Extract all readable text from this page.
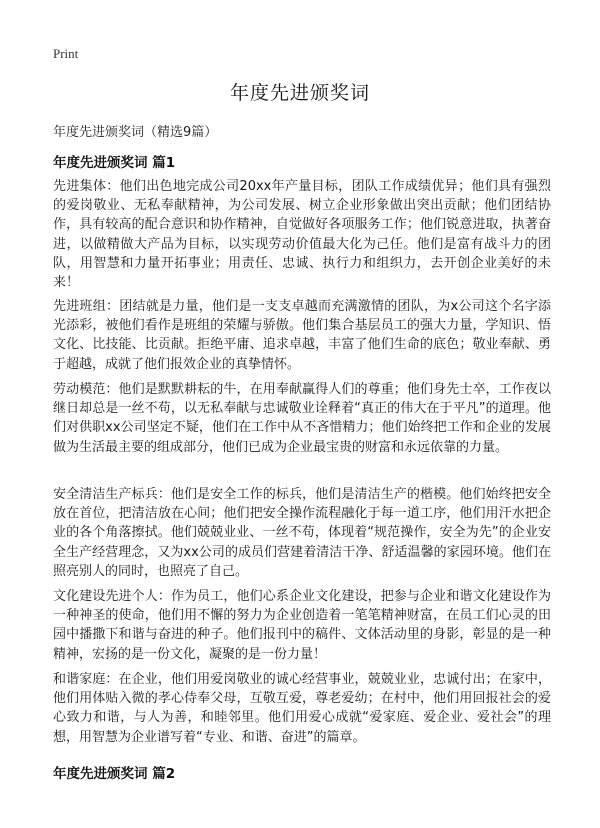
Print
年度先进颁奖词
年度先进颁奖词（精选9篇）
年度先进颁奖词 篇1

先进集体：他们出色地完成公司20xx年产量目标，团队工作成绩优异；他们具有强烈的爱岗敬业、无私奉献精神，为公司发展、树立企业形象做出突出贡献；他们团结协作，具有较高的配合意识和协作精神，自觉做好各项服务工作；他们锐意进取，执著奋进，以做精做大产品为目标，以实现劳动价值最大化为己任。他们是富有战斗力的团队，用智慧和力量开拓事业；用责任、忠诚、执行力和组织力，去开创企业美好的未来！

先进班组：团结就是力量，他们是一支支卓越而充满激情的团队，为x公司这个名字添光添彩，被他们看作是班组的荣耀与骄傲。他们集合基层员工的强大力量，学知识、悟文化、比技能、比贡献。拒绝平庸、追求卓越，丰富了他们生命的底色；敬业奉献、勇于超越，成就了他们报效企业的真挚情怀。

劳动模范：他们是默默耕耘的牛，在用奉献赢得人们的尊重；他们身先士卒，工作夜以继日却总是一丝不苟，以无私奉献与忠诚敬业诠释着“真正的伟大在于平凡”的道理。他们对供职xx公司坚定不疑，他们在工作中从不吝惜精力；他们始终把工作和企业的发展做为生活最主要的组成部分，他们已成为企业最宝贵的财富和永远依靠的力量。

安全清洁生产标兵：他们是安全工作的标兵，他们是清洁生产的楷模。他们始终把安全放在首位，把清洁放在心间；他们把安全操作流程融化于每一道工序，他们用汗水把企业的各个角落擦拭。他们兢兢业业、一丝不苟，体现着“规范操作，安全为先”的企业安全生产经营理念，又为xx公司的成员们营建着清洁干净、舒适温馨的家园环境。他们在照亮别人的同时，也照亮了自己。

文化建设先进个人：作为员工，他们心系企业文化建设，把参与企业和谐文化建设作为一种神圣的使命，他们用不懈的努力为企业创造着一笔笔精神财富，在员工们心灵的田园中播撒下和谐与奋进的种子。他们报刊中的稿件、文体活动里的身影，彰显的是一种精神，宏扬的是一份文化，凝聚的是一份力量！

和谐家庭：在企业，他们用爱岗敬业的诚心经营事业，兢兢业业，忠诚付出；在家中，他们用体贴入微的孝心侍奉父母，互敬互爱，尊老爱幼；在村中，他们用回报社会的爱心致力和谐，与人为善，和睦邻里。他们用爱心成就“爱家庭、爱企业、爱社会”的理想，用智慧为企业谱写着“专业、和谐、奋进”的篇章。

年度先进颁奖词 篇2
